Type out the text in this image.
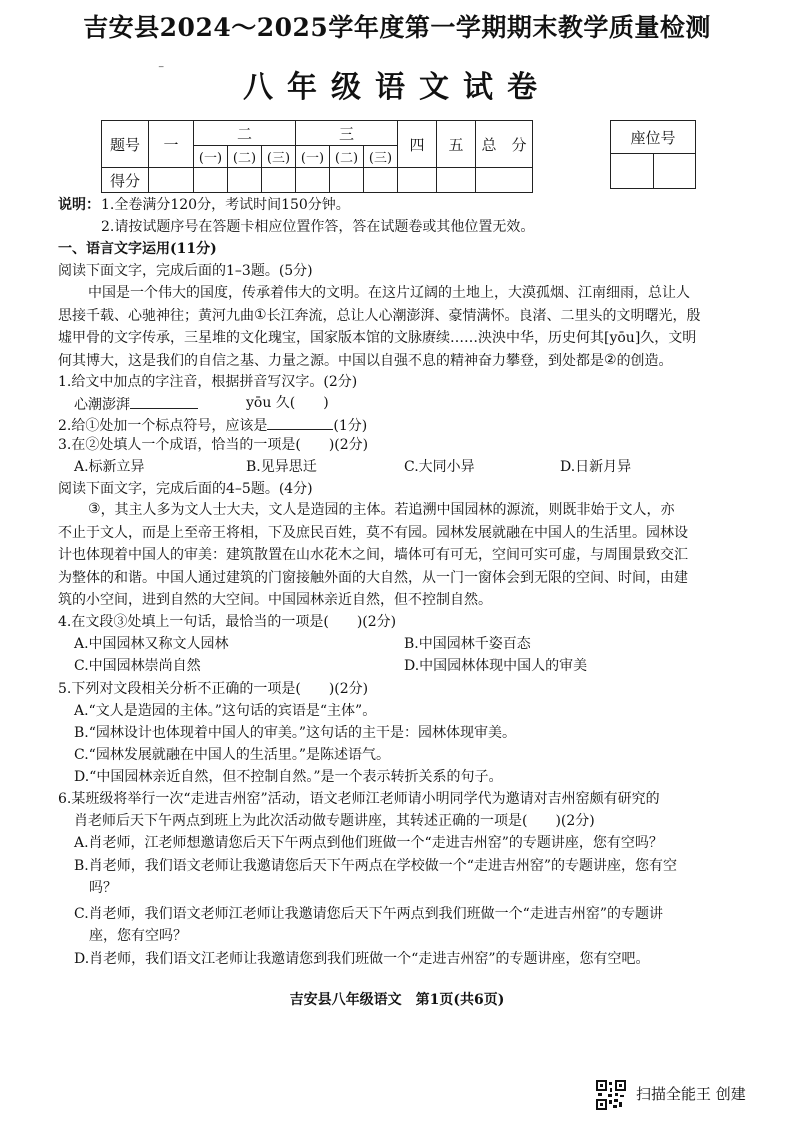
吉安县2024～2025学年度第一学期期末教学质量检测
⁻
八年级语文试卷
题号	一	二			三			四	五	总　分
		(一)	(二)	(三)	(一)	(二)	(三)			
得分										
座位号

说明： 1.全卷满分120分，考试时间150分钟。
2.请按试题序号在答题卡相应位置作答，答在试题卷或其他位置无效。
一、语言文字运用(11分)
阅读下面文字，完成后面的1–3题。(5分)
中国是一个伟大的国度，传承着伟大的文明。在这片辽阔的土地上，大漠孤烟、江南细雨，总让人
思接千载、心驰神往；黄河九曲①长江奔流，总让人心潮澎湃、豪情满怀。良渚、二里头的文明曙光，殷
墟甲骨的文字传承，三星堆的文化瑰宝，国家版本馆的文脉赓续……泱泱中华，历史何其[yōu]久，文明
何其博大，这是我们的自信之基、力量之源。中国以自强不息的精神奋力攀登，到处都是②的创造。
1.给文中加点的字注音，根据拼音写汉字。(2分)
心潮澎湃	yōu 久(　　)
2.给①处加一个标点符号，应该是	(1分)
3.在②处填人一个成语，恰当的一项是(　　)(2分)
A.标新立异	B.见异思迁	C.大同小异	D.日新月异
阅读下面文字，完成后面的4–5题。(4分)
③，其主人多为文人士大夫，文人是造园的主体。若追溯中国园林的源流，则既非始于文人，亦
不止于文人，而是上至帝王将相，下及庶民百姓，莫不有园。园林发展就融在中国人的生活里。园林设
计也体现着中国人的审美：建筑散置在山水花木之间，墙体可有可无，空间可实可虚，与周围景致交汇
为整体的和谐。中国人通过建筑的门窗接触外面的大自然，从一门一窗体会到无限的空间、时间，由建
筑的小空间，进到自然的大空间。中国园林亲近自然，但不控制自然。
4.在文段③处填上一句话，最恰当的一项是(　　)(2分)
A.中国园林又称文人园林	B.中国园林千姿百态
C.中国园林崇尚自然	D.中国园林体现中国人的审美
5.下列对文段相关分析不正确的一项是(　　)(2分)
A.“文人是造园的主体。”这句话的宾语是“主体”。
B.“园林设计也体现着中国人的审美。”这句话的主干是：园林体现审美。
C.“园林发展就融在中国人的生活里。”是陈述语气。
D.“中国园林亲近自然，但不控制自然。”是一个表示转折关系的句子。
6.某班级将举行一次“走进吉州窑”活动，语文老师江老师请小明同学代为邀请对吉州窑颇有研究的
肖老师后天下午两点到班上为此次活动做专题讲座，其转述正确的一项是(　　)(2分)
A.肖老师，江老师想邀请您后天下午两点到他们班做一个“走进吉州窑”的专题讲座，您有空吗？
B.肖老师，我们语文老师让我邀请您后天下午两点在学校做一个“走进吉州窑”的专题讲座，您有空
吗？
C.肖老师，我们语文老师江老师让我邀请您后天下午两点到我们班做一个“走进吉州窑”的专题讲
座，您有空吗？
D.肖老师，我们语文江老师让我邀请您到我们班做一个“走进吉州窑”的专题讲座，您有空吧。
吉安县八年级语文　第1页(共6页)
扫描全能王 创建
